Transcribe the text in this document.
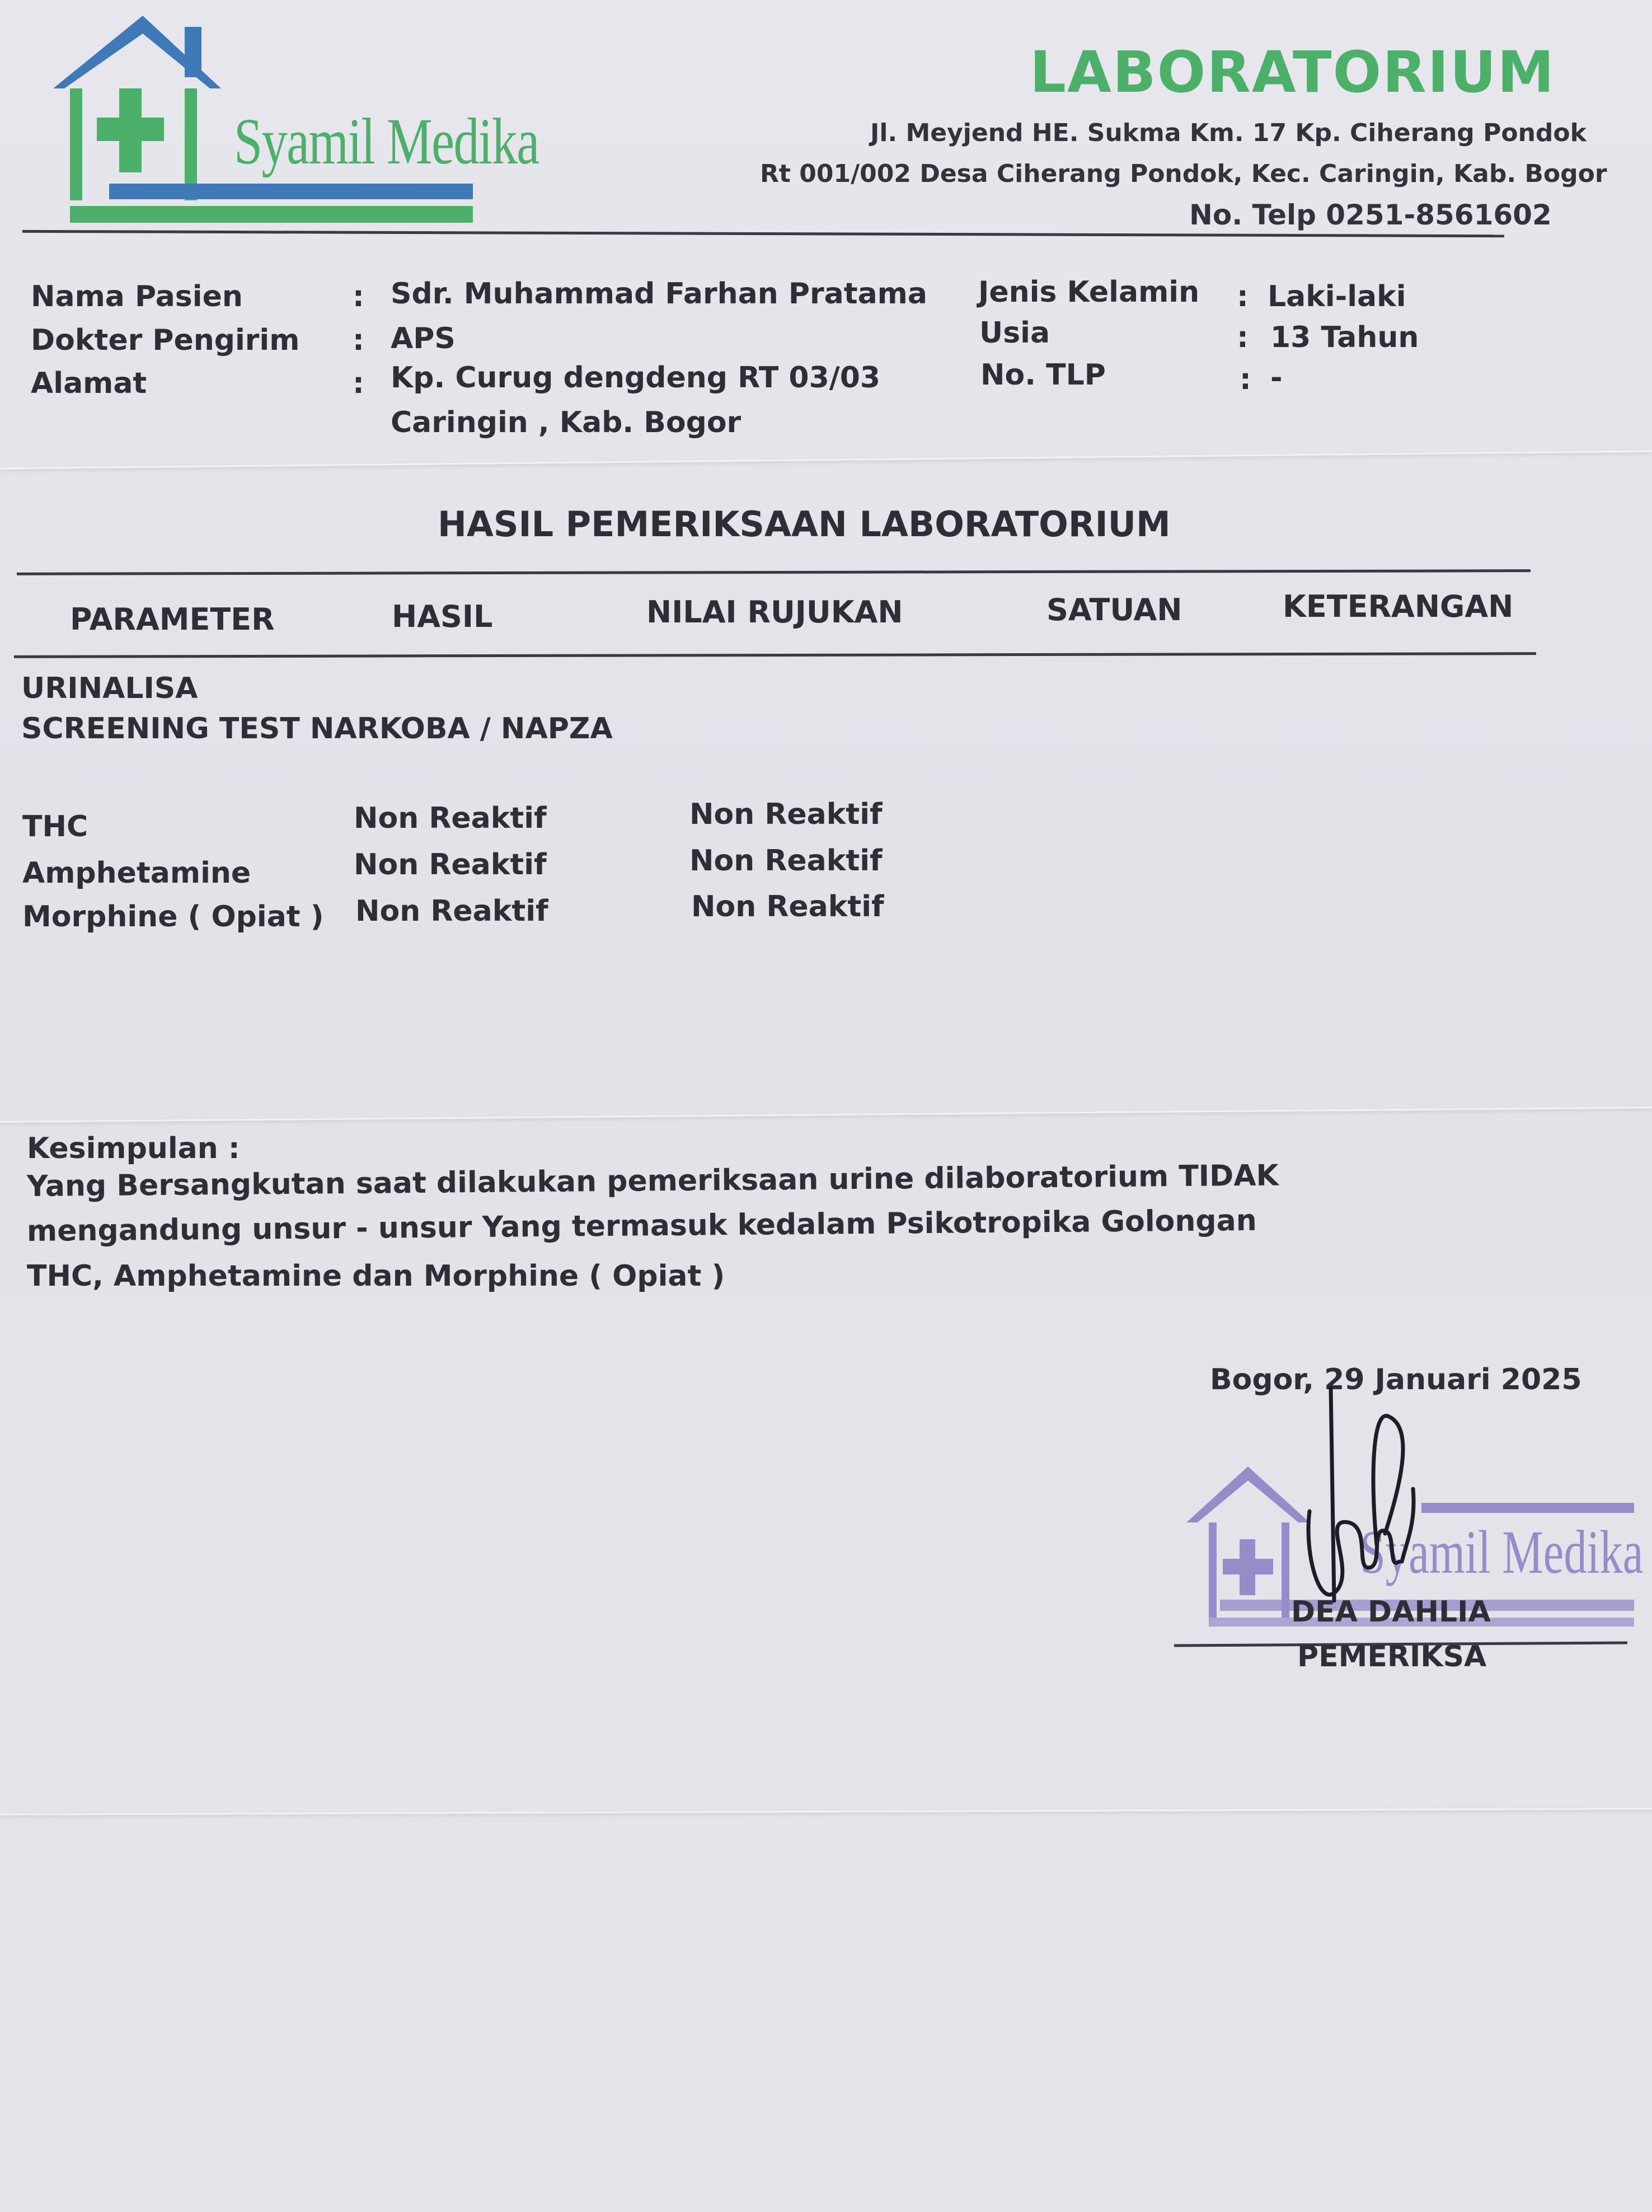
Syamil Medika
LABORATORIUM
Jl. Meyjend HE. Sukma Km. 17 Kp. Ciherang Pondok
Rt 001/002 Desa Ciherang Pondok, Kec. Caringin, Kab. Bogor
No. Telp 0251-8561602
Nama Pasien	: Sdr. Muhammad Farhan Pratama
Dokter Pengirim : APS
Alamat	: Kp. Curug dengdeng RT 03/03
Caringin , Kab. Bogor
Jenis Kelamin : Laki-laki
Usia	: 13 Tahun
No. TLP	: -
HASIL PEMERIKSAAN LABORATORIUM
PARAMETER	HASIL	NILAI RUJUKAN	SATUAN	KETERANGAN
URINALISA
SCREENING TEST NARKOBA / NAPZA
THC	Non Reaktif	Non Reaktif
Amphetamine	Non Reaktif	Non Reaktif
Morphine ( Opiat ) Non Reaktif	Non Reaktif
Kesimpulan :
Yang Bersangkutan saat dilakukan pemeriksaan urine dilaboratorium TIDAK
mengandung unsur - unsur Yang termasuk kedalam Psikotropika Golongan
THC, Amphetamine dan Morphine ( Opiat )
Bogor, 29 Januari 2025
Syamil Medika
DEA DAHLIA
PEMERIKSA
